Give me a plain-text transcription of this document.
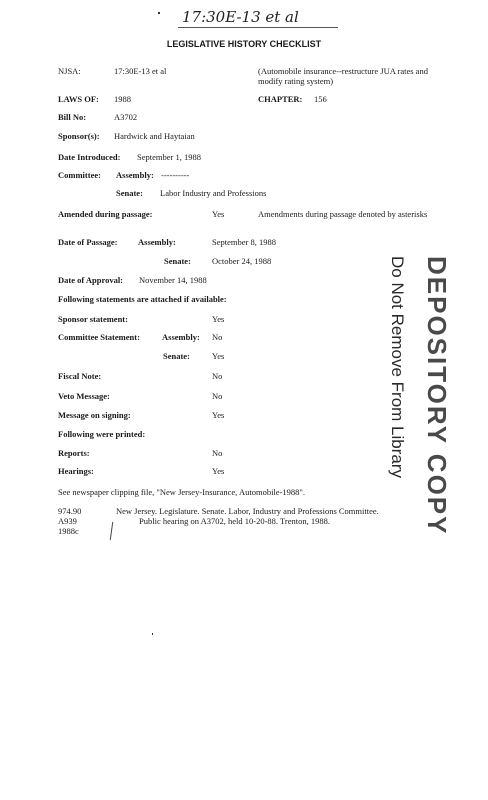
17:30E-13 et al
LEGISLATIVE HISTORY CHECKLIST
NJSA:	17:30E-13 et al	(Automobile insurance--restructure JUA rates and modify rating system)
LAWS OF: 1988	CHAPTER: 156
Bill No:	A3702
Sponsor(s): Hardwick and Haytaian
Date Introduced: September 1, 1988
Committee: Assembly: ----------
Senate: Labor Industry and Professions
Amended during passage:	Yes	Amendments during passage denoted by asterisks
Date of Passage: Assembly:	September 8, 1988
Senate: October 24, 1988
Date of Approval: November 14, 1988
Following statements are attached if available:
Sponsor statement:	Yes
Committee Statement:	Assembly: No
Senate:	Yes
Fiscal Note:	No
Veto Message:	No
Message on signing:	Yes
Following were printed:
Reports:	No
Hearings:	Yes
See newspaper clipping file, "New Jersey-Insurance, Automobile-1988".
974.90
A939
1988c
New Jersey. Legislature. Senate. Labor, Industry and Professions Committee.
Public hearing on A3702, held 10-20-88. Trenton, 1988.	DEPOSITORY COPY
Do Not Remove From Library
